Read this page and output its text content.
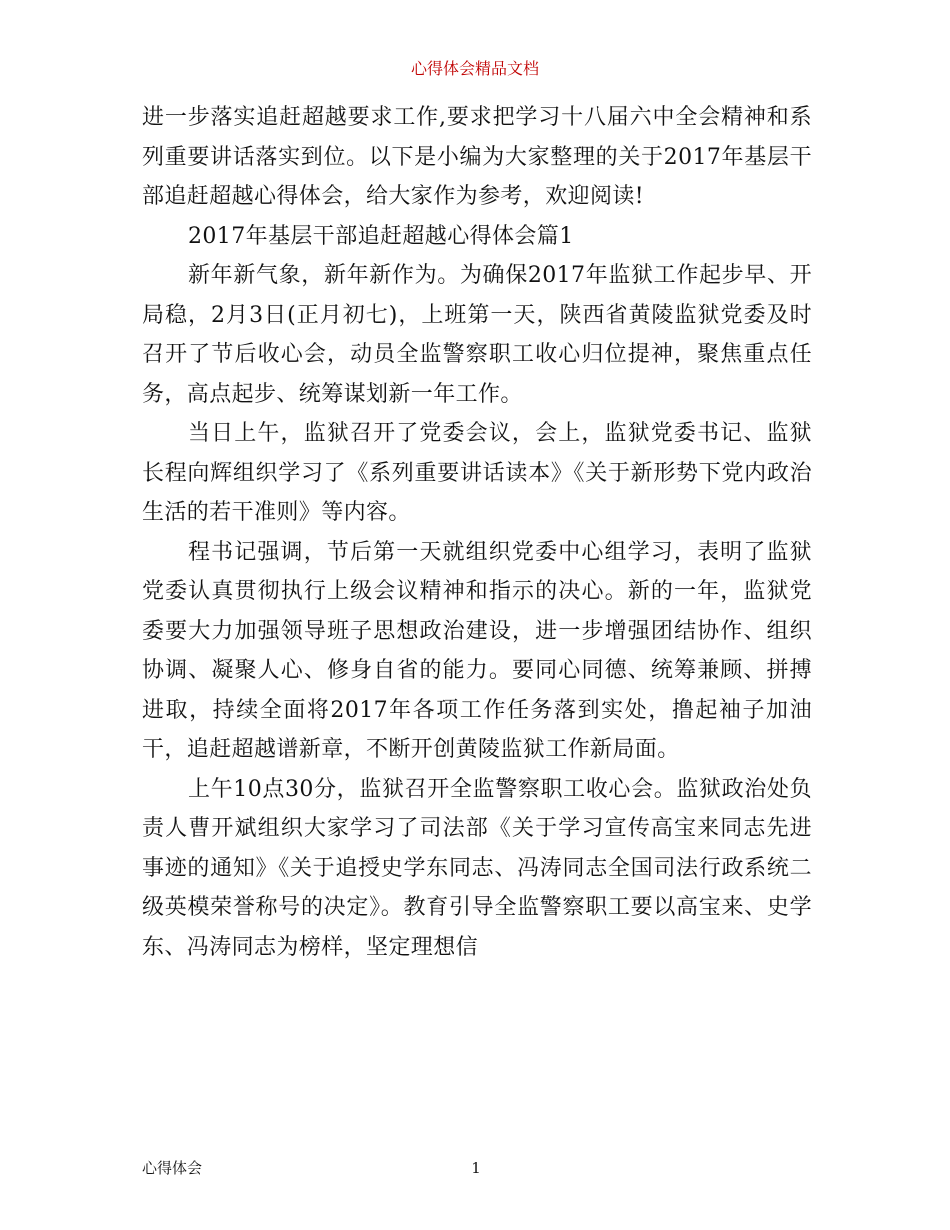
心得体会精品文档

进一步落实追赶超越要求工作,要求把学习十八届六中全会精神和系列重要讲话落实到位。以下是小编为大家整理的关于2017年基层干部追赶超越心得体会，给大家作为参考，欢迎阅读!

2017年基层干部追赶超越心得体会篇1

新年新气象，新年新作为。为确保2017年监狱工作起步早、开局稳，2月3日(正月初七)，上班第一天，陕西省黄陵监狱党委及时召开了节后收心会，动员全监警察职工收心归位提神，聚焦重点任务，高点起步、统筹谋划新一年工作。

当日上午，监狱召开了党委会议，会上，监狱党委书记、监狱长程向辉组织学习了《系列重要讲话读本》《关于新形势下党内政治生活的若干准则》等内容。

程书记强调，节后第一天就组织党委中心组学习，表明了监狱党委认真贯彻执行上级会议精神和指示的决心。新的一年，监狱党委要大力加强领导班子思想政治建设，进一步增强团结协作、组织协调、凝聚人心、修身自省的能力。要同心同德、统筹兼顾、拼搏进取，持续全面将2017年各项工作任务落到实处，撸起袖子加油干，追赶超越谱新章，不断开创黄陵监狱工作新局面。

上午10点30分，监狱召开全监警察职工收心会。监狱政治处负责人曹开斌组织大家学习了司法部《关于学习宣传高宝来同志先进事迹的通知》《关于追授史学东同志、冯涛同志全国司法行政系统二级英模荣誉称号的决定》。教育引导全监警察职工要以高宝来、史学东、冯涛同志为榜样，坚定理想信

心得体会	1
